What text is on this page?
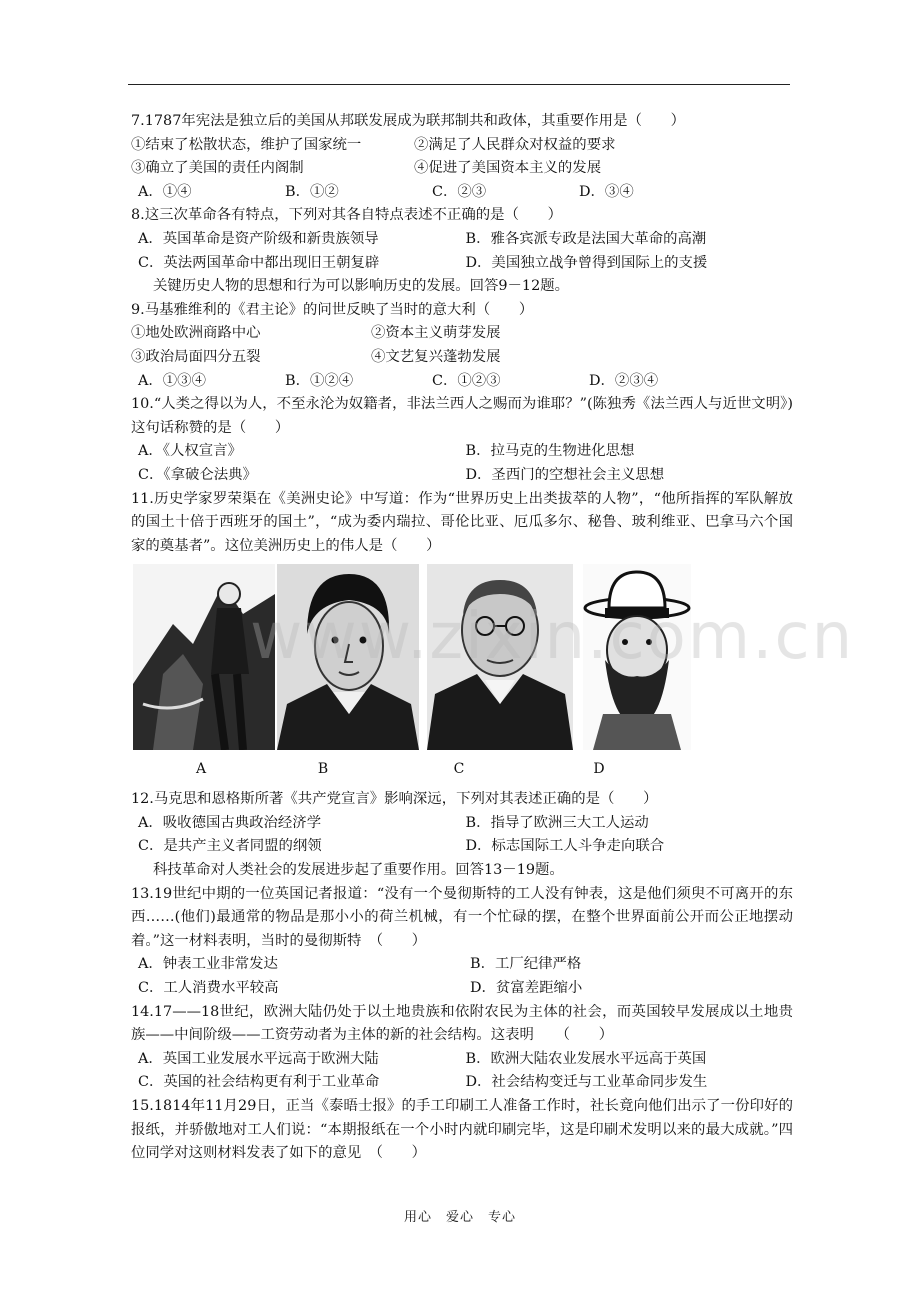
7.1787年宪法是独立后的美国从邦联发展成为联邦制共和政体，其重要作用是（　　）
①结束了松散状态，维护了国家统一	②满足了人民群众对权益的要求
③确立了美国的责任内阁制	④促进了美国资本主义的发展
A．①④	B．①②	C．②③	D．③④
8.这三次革命各有特点，下列对其各自特点表述不正确的是（　　）
A．英国革命是资产阶级和新贵族领导	B．雅各宾派专政是法国大革命的高潮
C．英法两国革命中都出现旧王朝复辟	D．美国独立战争曾得到国际上的支援
关键历史人物的思想和行为可以影响历史的发展。回答9－12题。
9.马基雅维利的《君主论》的问世反映了当时的意大利（　　）
①地处欧洲商路中心	②资本主义萌芽发展
③政治局面四分五裂	④文艺复兴蓬勃发展
A．①③④	B．①②④	C．①②③	D．②③④
10.“人类之得以为人，不至永沦为奴籍者，非法兰西人之赐而为谁耶？”(陈独秀《法兰西人与近世文明》)这句话称赞的是（　　）
A．《人权宣言》	B．拉马克的生物进化思想
C．《拿破仑法典》	D．圣西门的空想社会主义思想
11.历史学家罗荣渠在《美洲史论》中写道：作为“世界历史上出类拔萃的人物”，“他所指挥的军队解放的国土十倍于西班牙的国土”，“成为委内瑞拉、哥伦比亚、厄瓜多尔、秘鲁、玻利维亚、巴拿马六个国家的奠基者”。这位美洲历史上的伟人是（　　）
A	B	C	D
12.马克思和恩格斯所著《共产党宣言》影响深远，下列对其表述正确的是（　　）
A．吸收德国古典政治经济学	B．指导了欧洲三大工人运动
C．是共产主义者同盟的纲领	D．标志国际工人斗争走向联合
科技革命对人类社会的发展进步起了重要作用。回答13－19题。
13.19世纪中期的一位英国记者报道：“没有一个曼彻斯特的工人没有钟表，这是他们须臾不可离开的东西……(他们)最通常的物品是那小小的荷兰机械，有一个忙碌的摆，在整个世界面前公开而公正地摆动着。”这一材料表明，当时的曼彻斯特　（　　）
A．钟表工业非常发达	B．工厂纪律严格
C．工人消费水平较高	D．贫富差距缩小
14.17——18世纪，欧洲大陆仍处于以土地贵族和依附农民为主体的社会，而英国较早发展成以土地贵族——中间阶级——工资劳动者为主体的新的社会结构。这表明　　（　　）
A．英国工业发展水平远高于欧洲大陆	B．欧洲大陆农业发展水平远高于英国
C．英国的社会结构更有利于工业革命	D．社会结构变迁与工业革命同步发生
15.1814年11月29日，正当《泰晤士报》的手工印刷工人准备工作时，社长竟向他们出示了一份印好的报纸，并骄傲地对工人们说：“本期报纸在一个小时内就印刷完毕，这是印刷术发明以来的最大成就。”四位同学对这则材料发表了如下的意见　（　　）
www.zixin.com.cn
用心　爱心　专心
